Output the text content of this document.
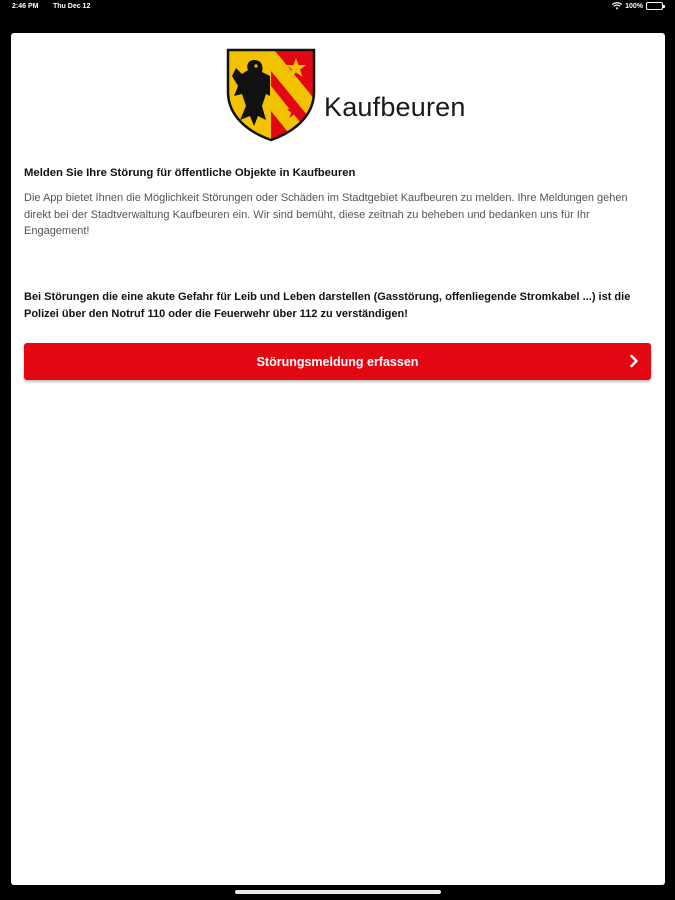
2:46 PM Thu Dec 12	100%
Kaufbeuren

Melden Sie Ihre Störung für öffentliche Objekte in Kaufbeuren

Die App bietet Ihnen die Möglichkeit Störungen oder Schäden im Stadtgebiet Kaufbeuren zu melden. Ihre Meldungen gehen direkt bei der Stadtverwaltung Kaufbeuren ein. Wir sind bemüht, diese zeitnah zu beheben und bedanken uns für Ihr Engagement!

Bei Störungen die eine akute Gefahr für Leib und Leben darstellen (Gasstörung, offenliegende Stromkabel ...) ist die Polizei über den Notruf 110 oder die Feuerwehr über 112 zu verständigen!

Störungsmeldung erfassen
